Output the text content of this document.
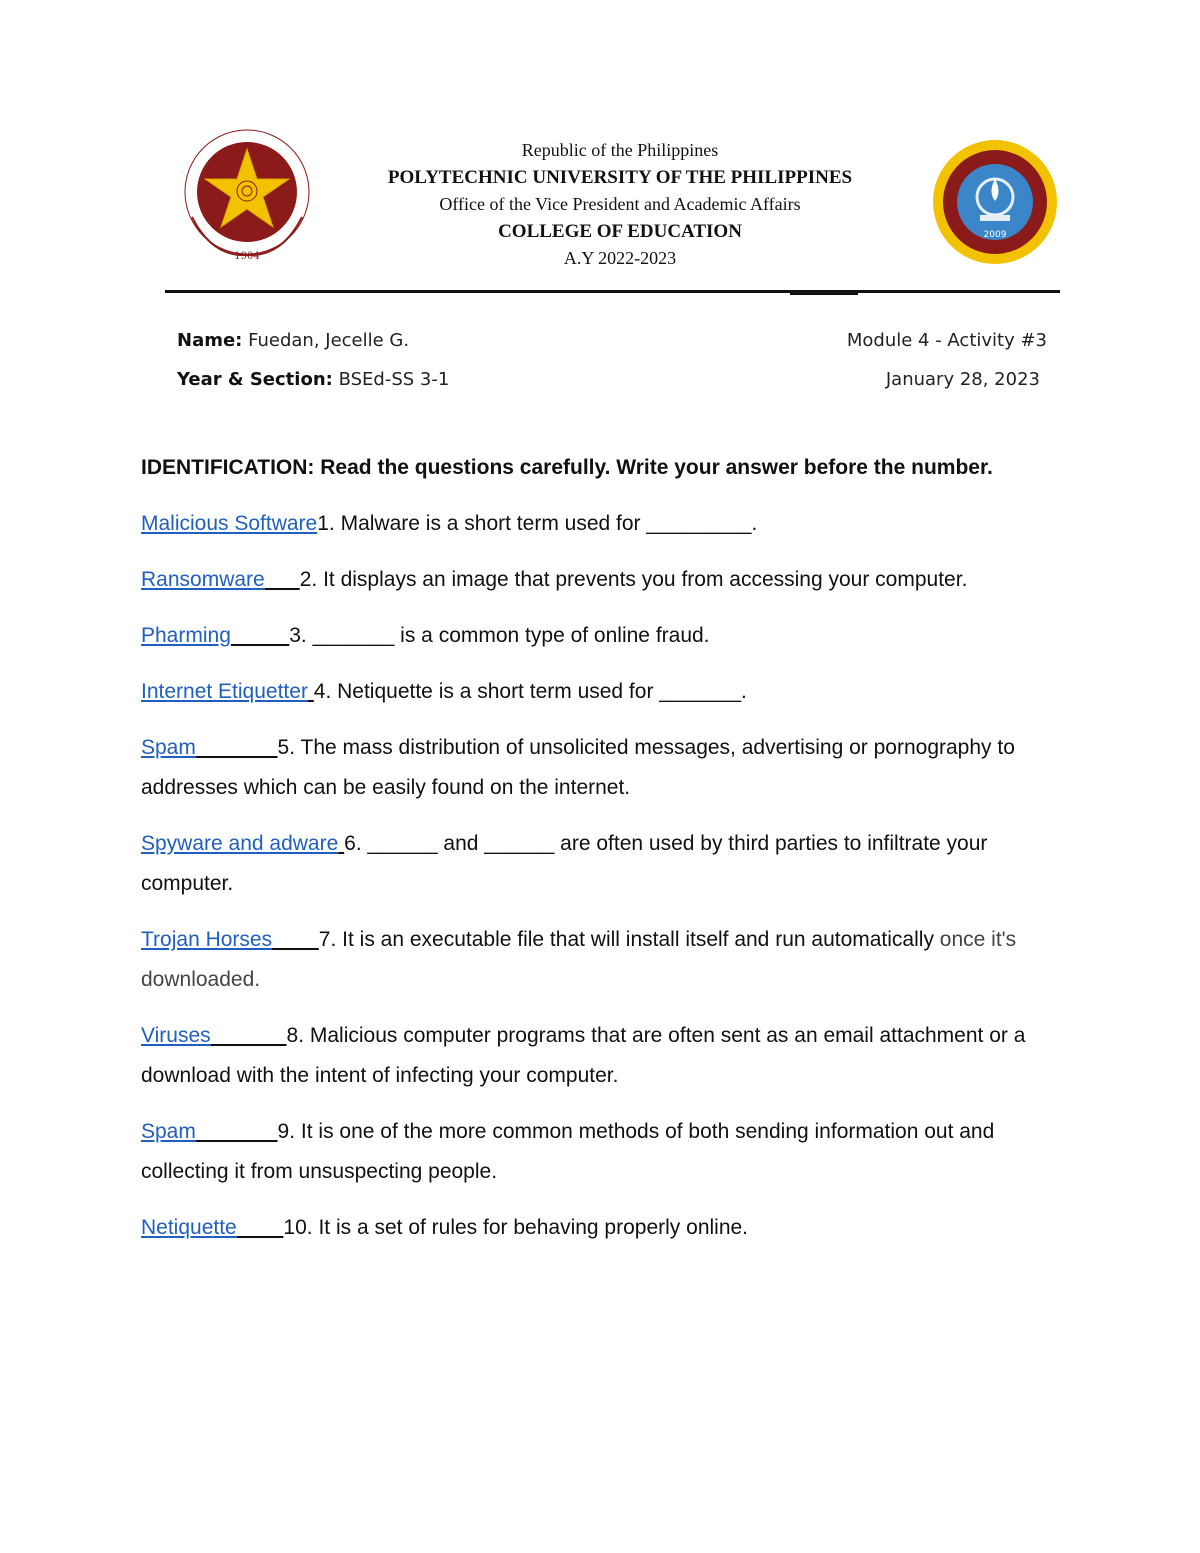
1904
Republic of the Philippines
POLYTECHNIC UNIVERSITY OF THE PHILIPPINES
Office of the Vice President and Academic Affairs
COLLEGE OF EDUCATION
A.Y 2022-2023
2009
Name: Fuedan, Jecelle G.
Year & Section: BSEd-SS 3-1
Module 4 - Activity #3
January 28, 2023
IDENTIFICATION: Read the questions carefully. Write your answer before the number.
Malicious Software1. Malware is a short term used for _________.
Ransomware 2. It displays an image that prevents you from accessing your computer.
Pharming	3. _______ is a common type of online fraud.
Internet Etiquetter 4. Netiquette is a short term used for _______.
Spam	5. The mass distribution of unsolicited messages, advertising or pornography to addresses which can be easily found on the internet.
Spyware and adware 6. ______ and ______ are often used by third parties to infiltrate your computer.
Trojan Horses 7. It is an executable file that will install itself and run automatically once it's downloaded.
Viruses	8. Malicious computer programs that are often sent as an email attachment or a download with the intent of infecting your computer.
Spam	9. It is one of the more common methods of both sending information out and collecting it from unsuspecting people.
Netiquette 10. It is a set of rules for behaving properly online.
